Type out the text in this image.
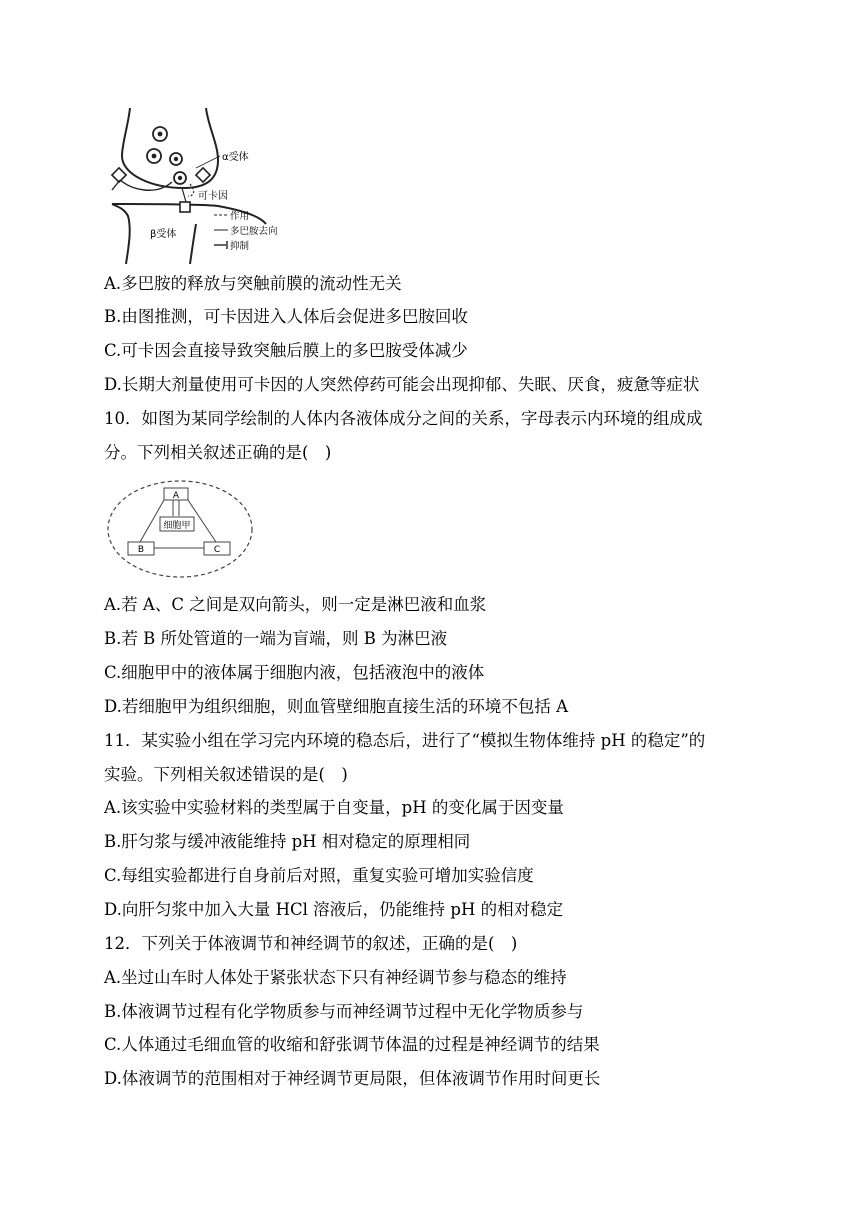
α受体
可卡因
β受体
作用
多巴胺去向
抑制
A.多巴胺的释放与突触前膜的流动性无关
B.由图推测，可卡因进入人体后会促进多巴胺回收
C.可卡因会直接导致突触后膜上的多巴胺受体减少
D.长期大剂量使用可卡因的人突然停药可能会出现抑郁、失眠、厌食，疲惫等症状
10．如图为某同学绘制的人体内各液体成分之间的关系，字母表示内环境的组成成
分。下列相关叙述正确的是(　)
A
细胞甲
B	C
A.若 A、C 之间是双向箭头，则一定是淋巴液和血浆
B.若 B 所处管道的一端为盲端，则 B 为淋巴液
C.细胞甲中的液体属于细胞内液，包括液泡中的液体
D.若细胞甲为组织细胞，则血管壁细胞直接生活的环境不包括 A
11．某实验小组在学习完内环境的稳态后，进行了“模拟生物体维持 pH 的稳定”的
实验。下列相关叙述错误的是(　)
A.该实验中实验材料的类型属于自变量，pH 的变化属于因变量
B.肝匀浆与缓冲液能维持 pH 相对稳定的原理相同
C.每组实验都进行自身前后对照，重复实验可增加实验信度
D.向肝匀浆中加入大量 HCl 溶液后，仍能维持 pH 的相对稳定
12．下列关于体液调节和神经调节的叙述，正确的是(　)
A.坐过山车时人体处于紧张状态下只有神经调节参与稳态的维持
B.体液调节过程有化学物质参与而神经调节过程中无化学物质参与
C.人体通过毛细血管的收缩和舒张调节体温的过程是神经调节的结果
D.体液调节的范围相对于神经调节更局限，但体液调节作用时间更长
